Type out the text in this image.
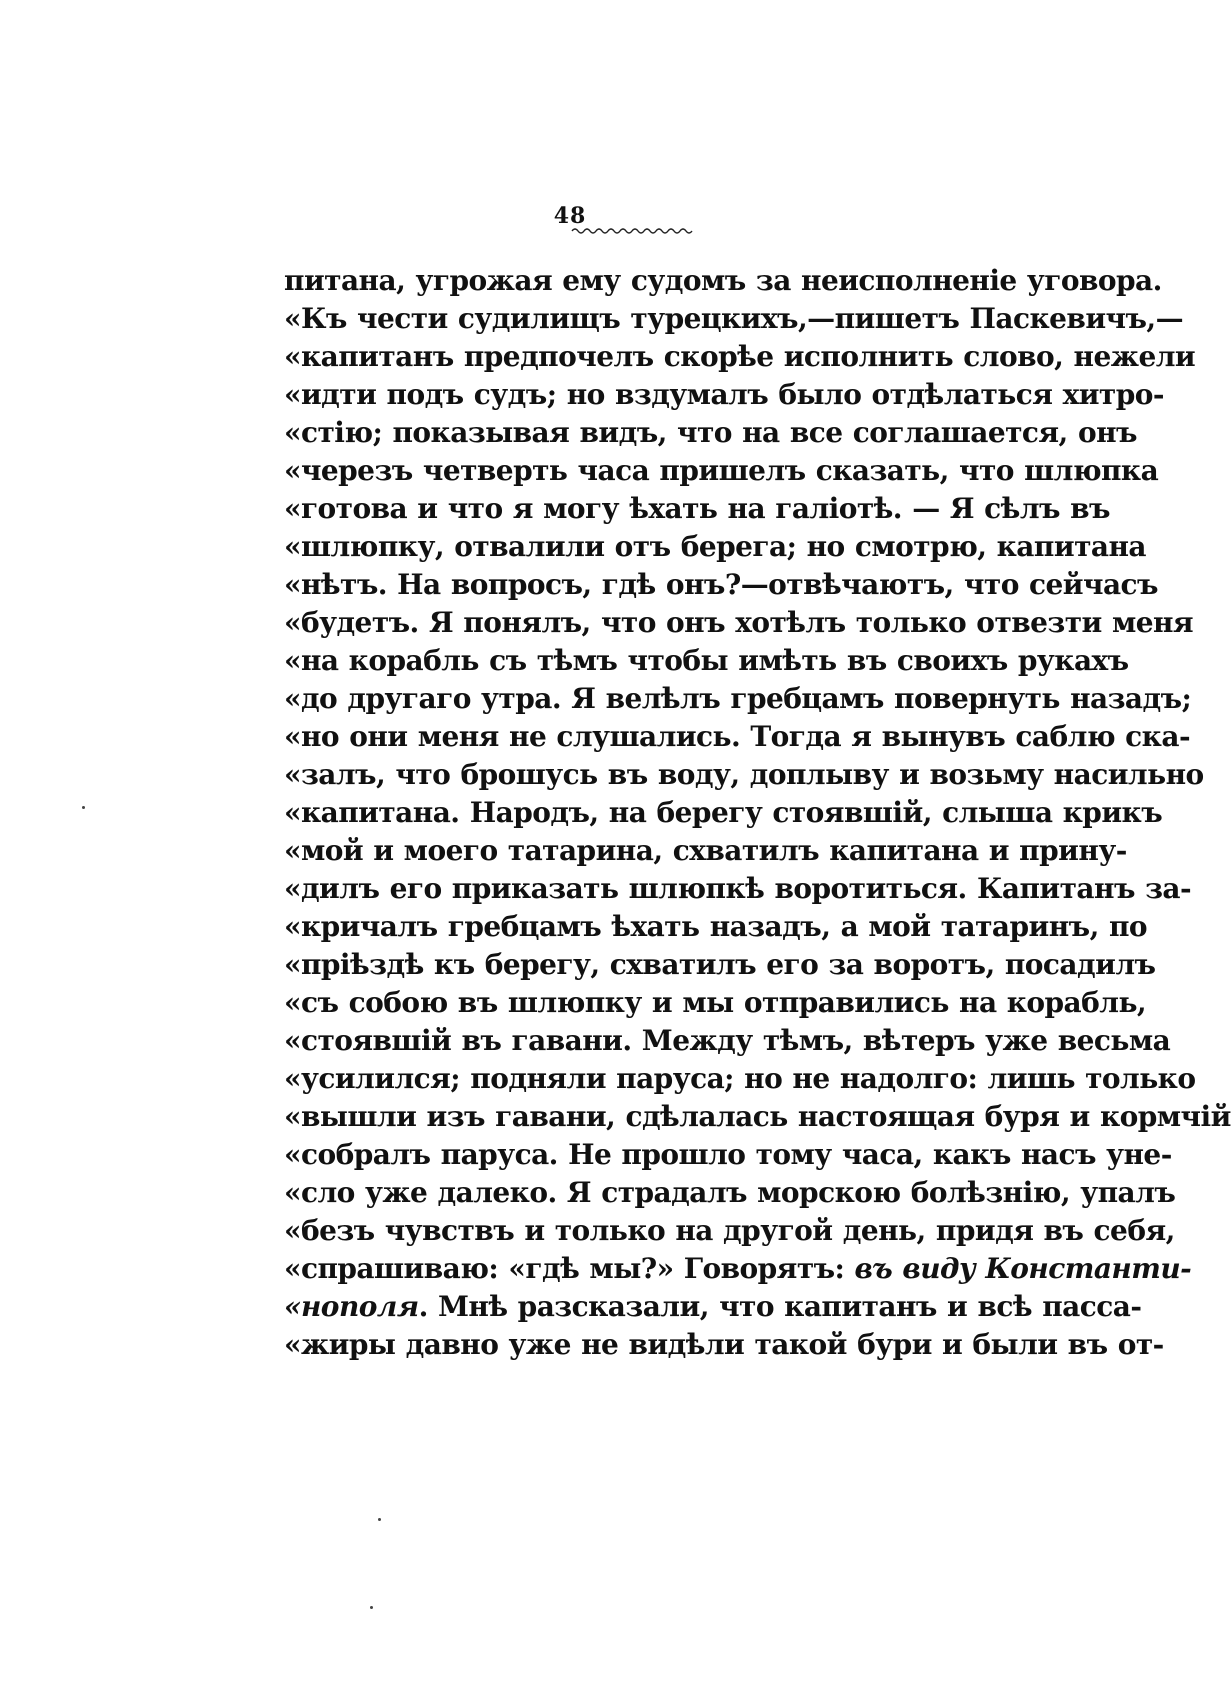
48
питана, угрожая ему судомъ за неисполненіе уговора.
«Къ чести судилищъ турецкихъ,—пишетъ Паскевичъ,—
«капитанъ предпочелъ скорѣе исполнить слово, нежели
«идти подъ судъ; но вздумалъ было отдѣлаться хитро-
«стію; показывая видъ, что на все соглашается, онъ
«черезъ четверть часа пришелъ сказать, что шлюпка
«готова и что я могу ѣхать на галіотѣ. — Я сѣлъ въ
«шлюпку, отвалили отъ берега; но смотрю, капитана
«нѣтъ. На вопросъ, гдѣ онъ?—отвѣчаютъ, что сейчасъ
«будетъ. Я понялъ, что онъ хотѣлъ только отвезти меня
«на корабль съ тѣмъ чтобы имѣть въ своихъ рукахъ
«до другаго утра. Я велѣлъ гребцамъ повернуть назадъ;
«но они меня не слушались. Тогда я вынувъ саблю ска-
«залъ, что брошусь въ воду, доплыву и возьму насильно
«капитана. Народъ, на берегу стоявшій, слыша крикъ
«мой и моего татарина, схватилъ капитана и прину-
«дилъ его приказать шлюпкѣ воротиться. Капитанъ за-
«кричалъ гребцамъ ѣхать назадъ, а мой татаринъ, по
«пріѣздѣ къ берегу, схватилъ его за воротъ, посадилъ
«съ собою въ шлюпку и мы отправились на корабль,
«стоявшій въ гавани. Между тѣмъ, вѣтеръ уже весьма
«усилился; подняли паруса; но не надолго: лишь только
«вышли изъ гавани, сдѣлалась настоящая буря и кормчій
«собралъ паруса. Не прошло тому часа, какъ насъ уне-
«сло уже далеко. Я страдалъ морскою болѣзнію, упалъ
«безъ чувствъ и только на другой день, придя въ себя,
«спрашиваю: «гдѣ мы?» Говорятъ: въ виду Константи-
«нополя. Мнѣ разсказали, что капитанъ и всѣ пасса-
«жиры давно уже не видѣли такой бури и были въ от-
